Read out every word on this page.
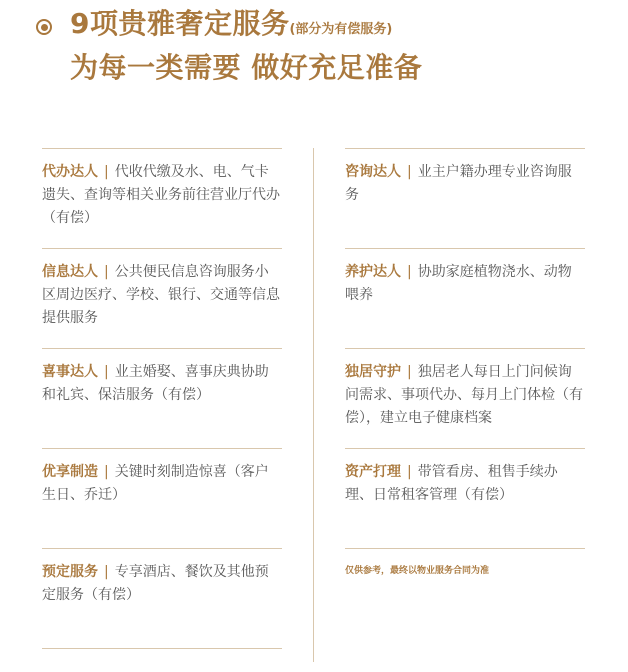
9项贵雅奢定服务(部分为有偿服务)
为每一类需要 做好充足准备
代办达人 | 代收代缴及水、电、气卡遗失、查询等相关业务前往营业厅代办（有偿）
信息达人 | 公共便民信息咨询服务小区周边医疗、学校、银行、交通等信息提供服务
喜事达人 | 业主婚娶、喜事庆典协助和礼宾、保洁服务（有偿）
优享制造 | 关键时刻制造惊喜（客户生日、乔迁）
预定服务 | 专享酒店、餐饮及其他预定服务（有偿）
咨询达人 | 业主户籍办理专业咨询服务
养护达人 | 协助家庭植物浇水、动物喂养
独居守护 | 独居老人每日上门问候询问需求、事项代办、每月上门体检（有偿），建立电子健康档案
资产打理 | 带管看房、租售手续办理、日常租客管理（有偿）
仅供参考，最终以物业服务合同为准
